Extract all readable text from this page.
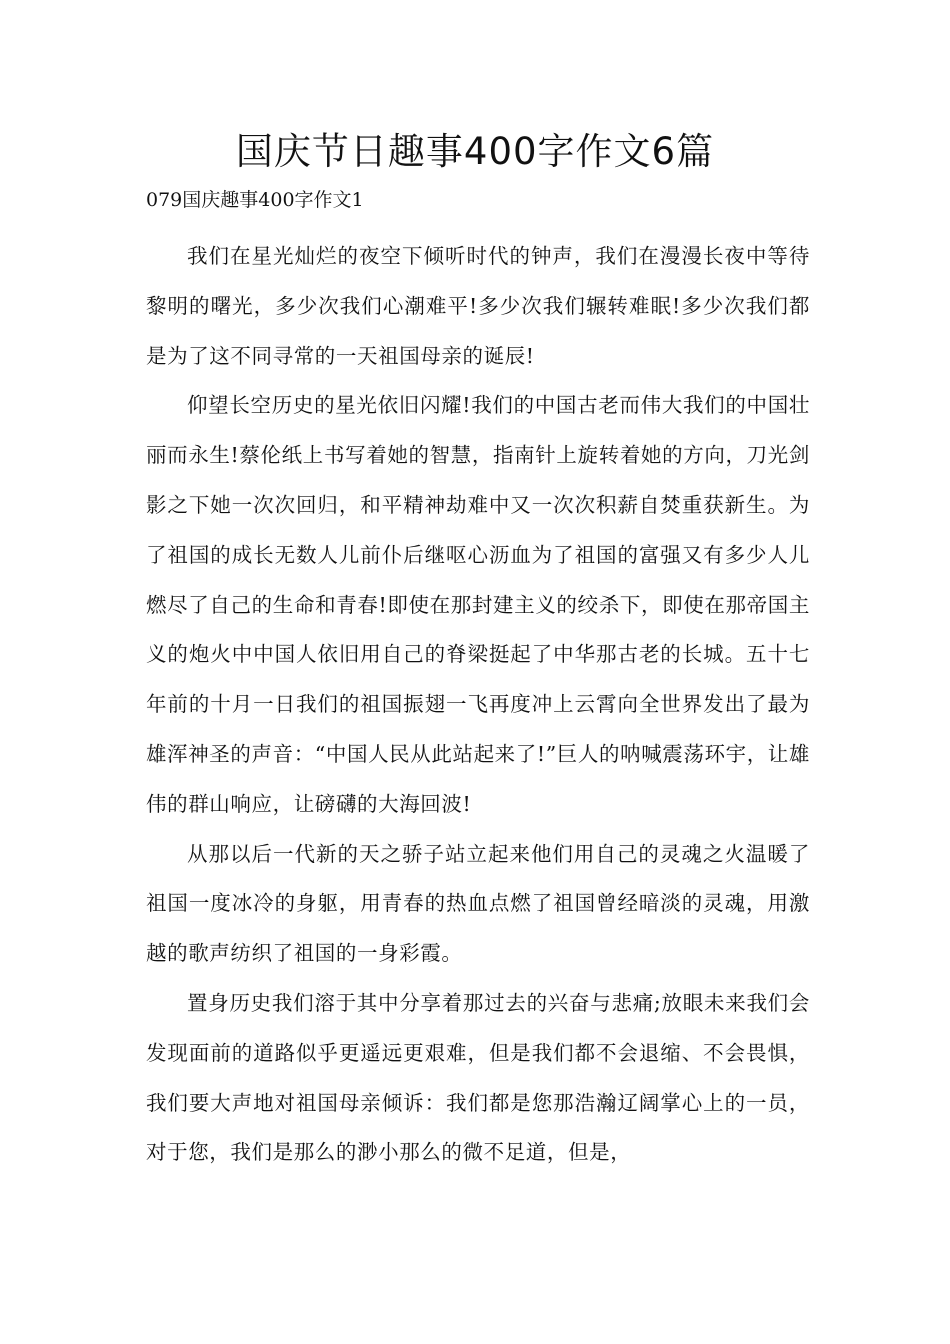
国庆节日趣事400字作文6篇

079国庆趣事400字作文1

我们在星光灿烂的夜空下倾听时代的钟声，我们在漫漫长夜中等待黎明的曙光，多少次我们心潮难平!多少次我们辗转难眠!多少次我们都是为了这不同寻常的一天祖国母亲的诞辰!

仰望长空历史的星光依旧闪耀!我们的中国古老而伟大我们的中国壮丽而永生!蔡伦纸上书写着她的智慧，指南针上旋转着她的方向，刀光剑影之下她一次次回归，和平精神劫难中又一次次积薪自焚重获新生。为了祖国的成长无数人儿前仆后继呕心沥血为了祖国的富强又有多少人儿燃尽了自己的生命和青春!即使在那封建主义的绞杀下，即使在那帝国主义的炮火中中国人依旧用自己的脊梁挺起了中华那古老的长城。五十七年前的十月一日我们的祖国振翅一飞再度冲上云霄向全世界发出了最为雄浑神圣的声音：“中国人民从此站起来了!”巨人的呐喊震荡环宇，让雄伟的群山响应，让磅礴的大海回波!

从那以后一代新的天之骄子站立起来他们用自己的灵魂之火温暖了祖国一度冰冷的身躯，用青春的热血点燃了祖国曾经暗淡的灵魂，用激越的歌声纺织了祖国的一身彩霞。

置身历史我们溶于其中分享着那过去的兴奋与悲痛;放眼未来我们会发现面前的道路似乎更遥远更艰难，但是我们都不会退缩、不会畏惧，我们要大声地对祖国母亲倾诉：我们都是您那浩瀚辽阔掌心上的一员，对于您，我们是那么的渺小那么的微不足道，但是，
